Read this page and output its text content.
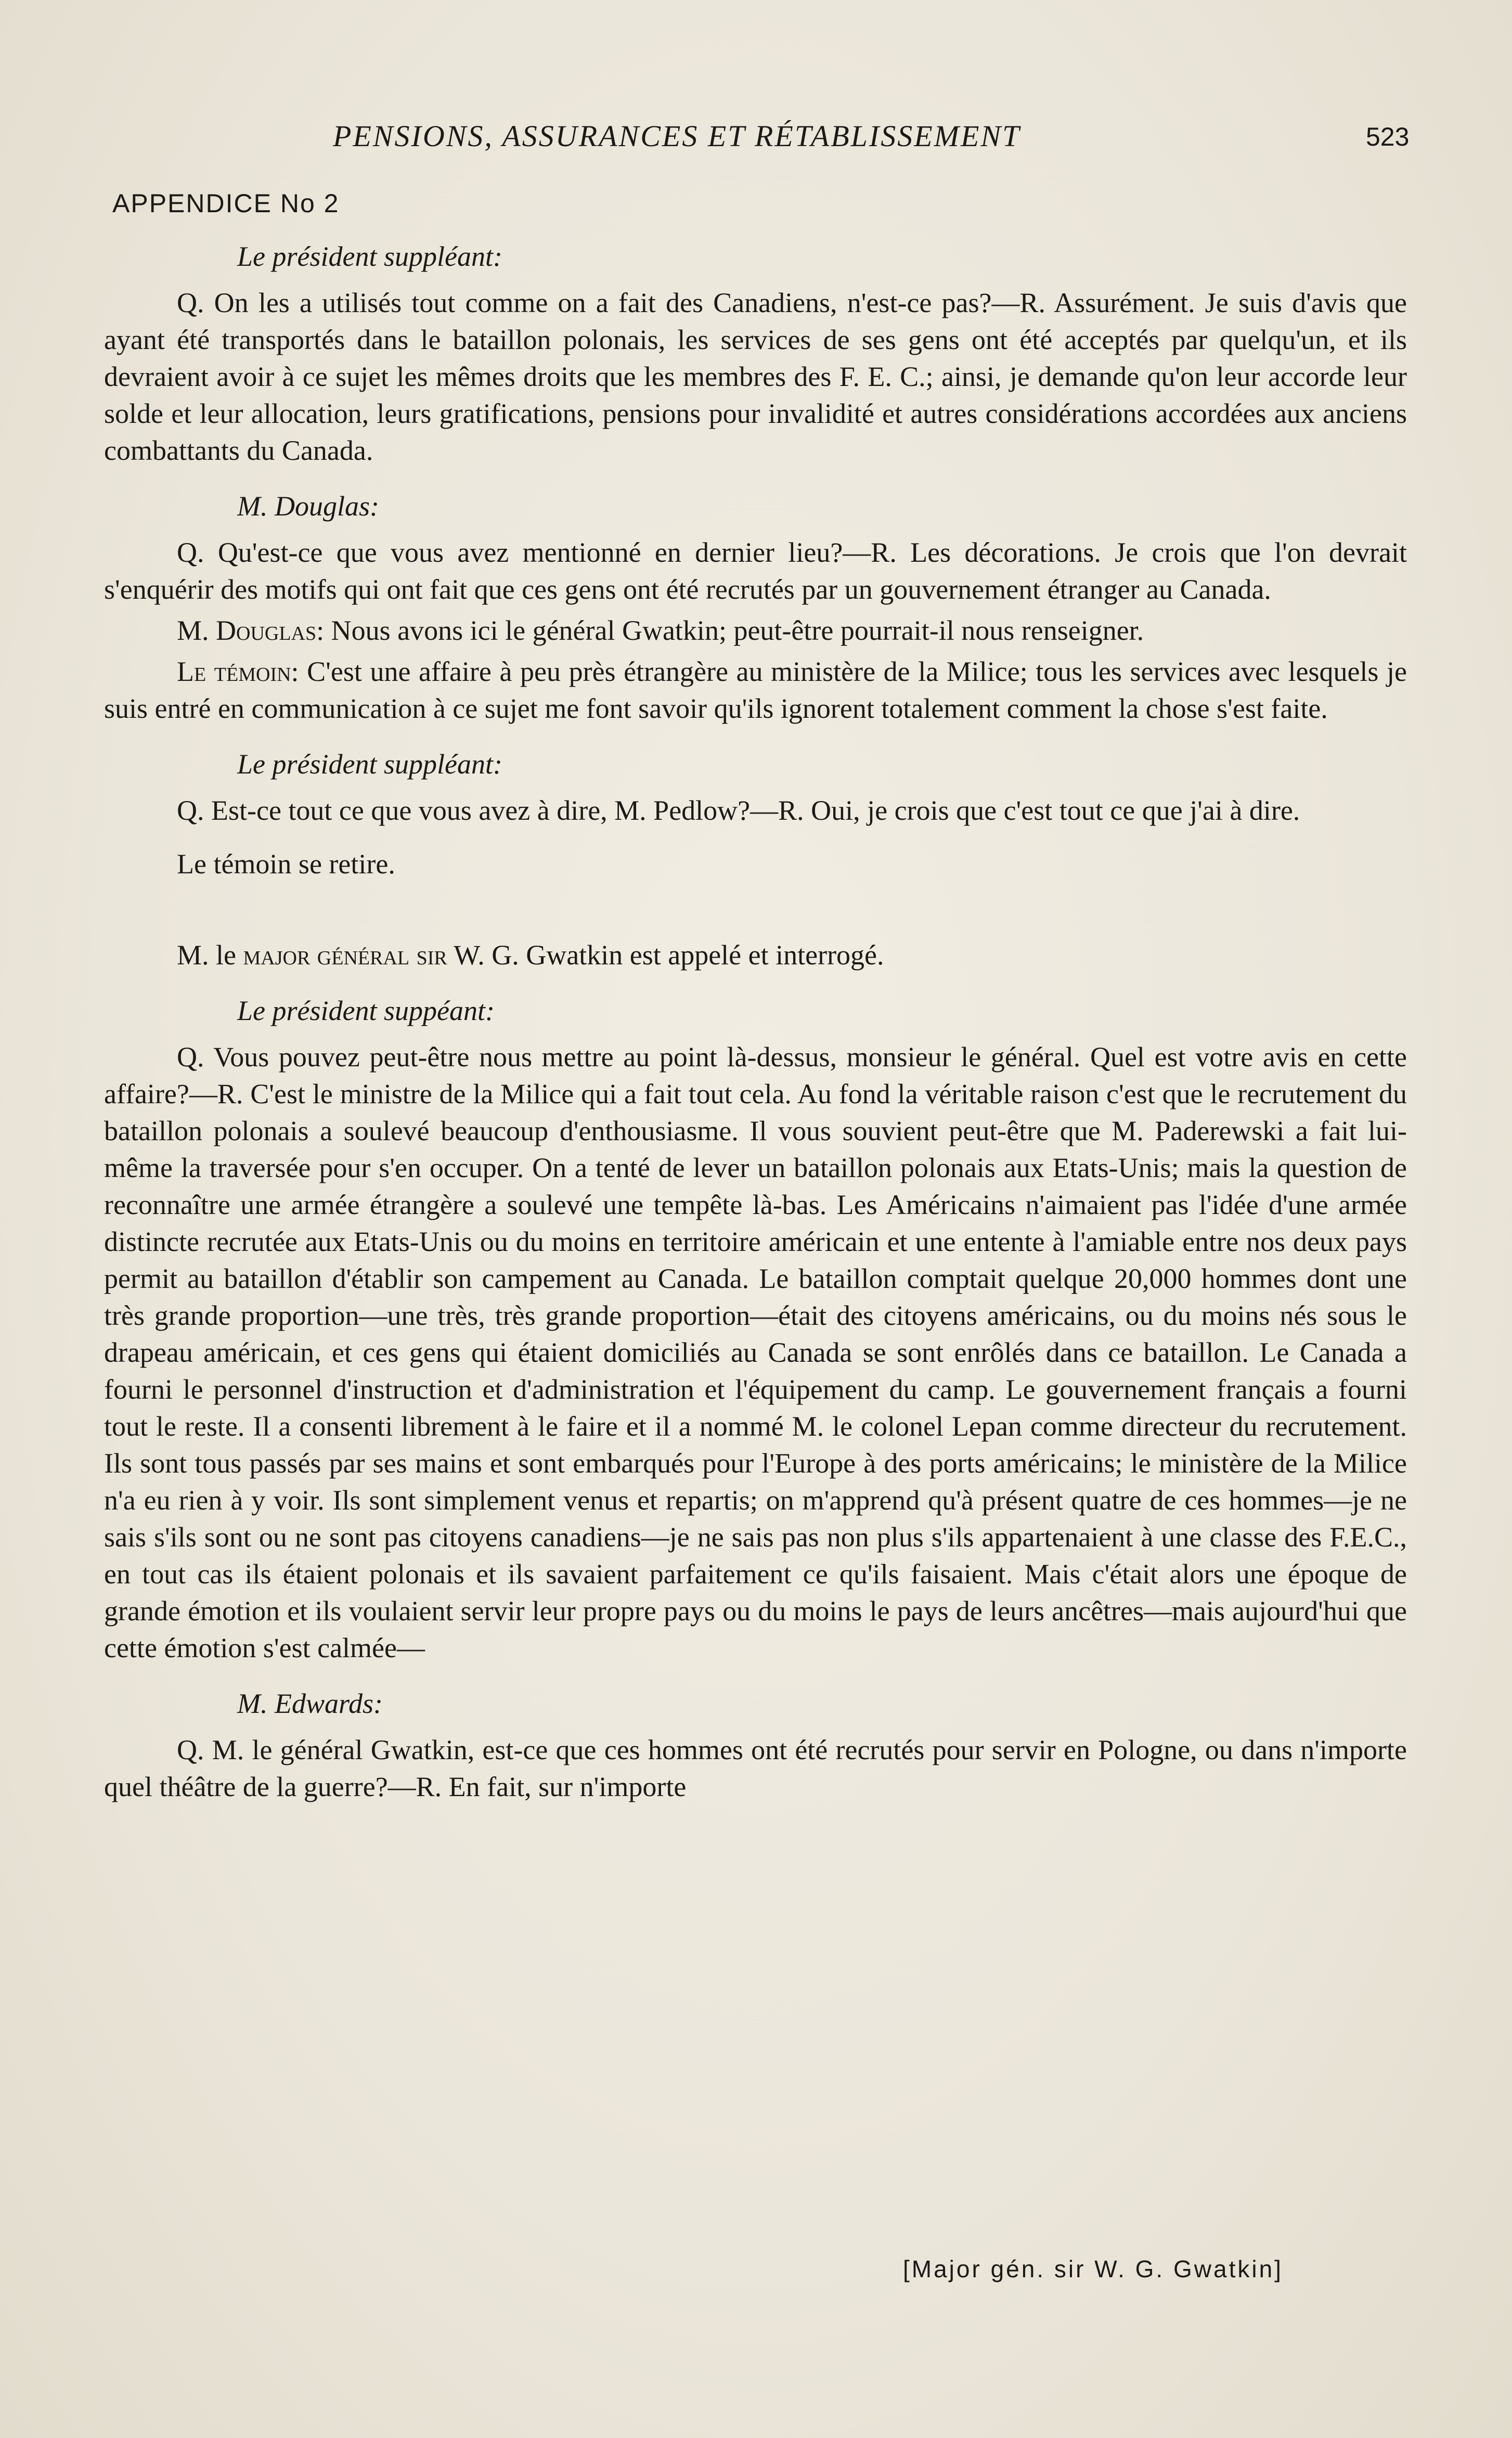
PENSIONS, ASSURANCES ET RÉTABLISSEMENT	523
APPENDICE No 2
Le président suppléant:

Q. On les a utilisés tout comme on a fait des Canadiens, n'est-ce pas?—R. Assurément. Je suis d'avis que ayant été transportés dans le bataillon polonais, les services de ses gens ont été acceptés par quelqu'un, et ils devraient avoir à ce sujet les mêmes droits que les membres des F. E. C.; ainsi, je demande qu'on leur accorde leur solde et leur allocation, leurs gratifications, pensions pour invalidité et autres considérations accordées aux anciens combattants du Canada.

M. Douglas:

Q. Qu'est-ce que vous avez mentionné en dernier lieu?—R. Les décorations. Je crois que l'on devrait s'enquérir des motifs qui ont fait que ces gens ont été recrutés par un gouvernement étranger au Canada.

M. Douglas: Nous avons ici le général Gwatkin; peut-être pourrait-il nous renseigner.

Le témoin: C'est une affaire à peu près étrangère au ministère de la Milice; tous les services avec lesquels je suis entré en communication à ce sujet me font savoir qu'ils ignorent totalement comment la chose s'est faite.

Le président suppléant:

Q. Est-ce tout ce que vous avez à dire, M. Pedlow?—R. Oui, je crois que c'est tout ce que j'ai à dire.

Le témoin se retire.

M. le major général sir W. G. Gwatkin est appelé et interrogé.

Le président suppéant:

Q. Vous pouvez peut-être nous mettre au point là-dessus, monsieur le général. Quel est votre avis en cette affaire?—R. C'est le ministre de la Milice qui a fait tout cela. Au fond la véritable raison c'est que le recrutement du bataillon polonais a soulevé beaucoup d'enthousiasme. Il vous souvient peut-être que M. Paderewski a fait lui-même la traversée pour s'en occuper. On a tenté de lever un bataillon polonais aux Etats-Unis; mais la question de reconnaître une armée étrangère a soulevé une tempête là-bas. Les Américains n'aimaient pas l'idée d'une armée distincte recrutée aux Etats-Unis ou du moins en territoire américain et une entente à l'amiable entre nos deux pays permit au bataillon d'établir son campement au Canada. Le bataillon comptait quelque 20,000 hommes dont une très grande proportion—une très, très grande proportion—était des citoyens américains, ou du moins nés sous le drapeau américain, et ces gens qui étaient domiciliés au Canada se sont enrôlés dans ce bataillon. Le Canada a fourni le personnel d'instruction et d'administration et l'équipement du camp. Le gouvernement français a fourni tout le reste. Il a consenti librement à le faire et il a nommé M. le colonel Lepan comme directeur du recrutement. Ils sont tous passés par ses mains et sont embarqués pour l'Europe à des ports américains; le ministère de la Milice n'a eu rien à y voir. Ils sont simplement venus et repartis; on m'apprend qu'à présent quatre de ces hommes—je ne sais s'ils sont ou ne sont pas citoyens canadiens—je ne sais pas non plus s'ils appartenaient à une classe des F.E.C., en tout cas ils étaient polonais et ils savaient parfaitement ce qu'ils faisaient. Mais c'était alors une époque de grande émotion et ils voulaient servir leur propre pays ou du moins le pays de leurs ancêtres—mais aujourd'hui que cette émotion s'est calmée—

M. Edwards:

Q. M. le général Gwatkin, est-ce que ces hommes ont été recrutés pour servir en Pologne, ou dans n'importe quel théâtre de la guerre?—R. En fait, sur n'importe

[Major gén. sir W. G. Gwatkin]
